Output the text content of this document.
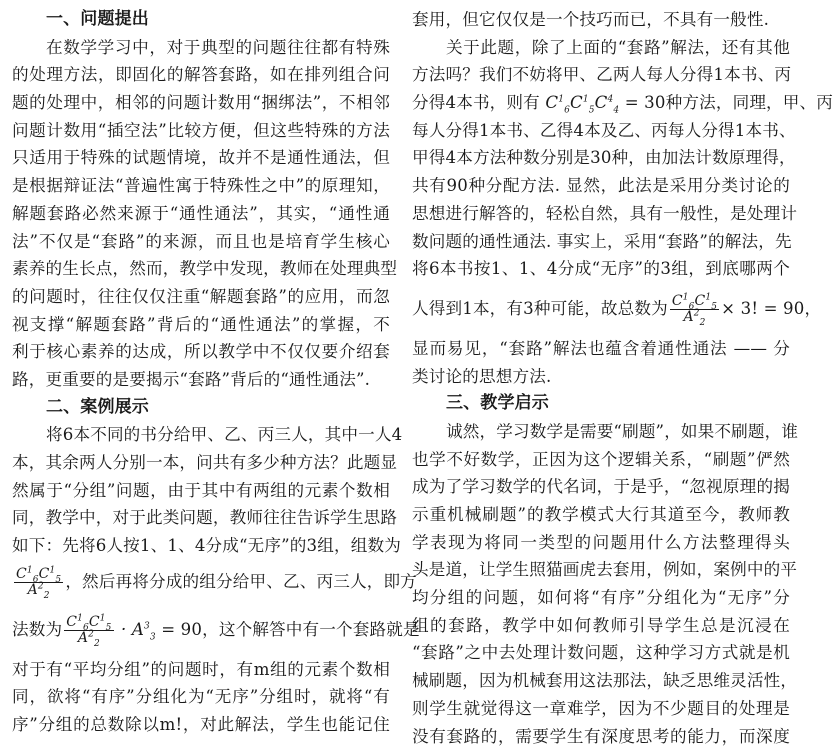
一、问题提出
在数学学习中，对于典型的问题往往都有特殊
的处理方法，即固化的解答套路，如在排列组合问
题的处理中，相邻的问题计数用“捆绑法”，不相邻
问题计数用“插空法”比较方便，但这些特殊的方法
只适用于特殊的试题情境，故并不是通性通法，但
是根据辩证法“普遍性寓于特殊性之中”的原理知，
解题套路必然来源于“通性通法”，其实，“通性通
法”不仅是“套路”的来源，而且也是培育学生核心
素养的生长点，然而，教学中发现，教师在处理典型
的问题时，往往仅仅注重“解题套路”的应用，而忽
视支撑“解题套路”背后的“通性通法”的掌握，不
利于核心素养的达成，所以教学中不仅仅要介绍套
路，更重要的是要揭示“套路”背后的“通性通法”.
二、案例展示
将6本不同的书分给甲、乙、丙三人，其中一人4
本，其余两人分别一本，问共有多少种方法？此题显
然属于“分组”问题，由于其中有两组的元素个数相
同，教学中，对于此类问题，教师往往告诉学生思路
如下：先将6人按1、1、4分成“无序”的3组，组数为
$\frac{C^1_6C^1_5}{A^2_2}$ ，然后再将分成的组分给甲、乙、丙三人，即方
法数为 $\frac{C^1_6C^1_5}{A^2_2} \cdot A^3_3 = 90$，这个解答中有一个套路就是
对于有“平均分组”的问题时，有m组的元素个数相
同，欲将“有序”分组化为“无序”分组时，就将“有
序”分组的总数除以m!，对此解法，学生也能记住
套用，但它仅仅是一个技巧而已，不具有一般性.
关于此题，除了上面的“套路”解法，还有其他
方法吗？我们不妨将甲、乙两人每人分得1本书、丙
分得4本书，则有 $C^1_6C^1_5C^4_4 = 30$种方法，同理，甲、丙
每人分得1本书、乙得4本及乙、丙每人分得1本书、
甲得4本方法种数分别是30种，由加法计数原理得，
共有90种分配方法. 显然，此法是采用分类讨论的
思想进行解答的，轻松自然，具有一般性，是处理计
数问题的通性通法. 事实上，采用“套路”的解法，先
将6本书按1、1、4分成“无序”的3组，到底哪两个
人得到1本，有3种可能，故总数为 $\frac{C^1_6C^1_5}{A^2_2} \times 3$! = 90，
显而易见，“套路”解法也蕴含着通性通法 —— 分
类讨论的思想方法.
三、教学启示
诚然，学习数学是需要“刷题”，如果不刷题，谁
也学不好数学，正因为这个逻辑关系，“刷题”俨然
成为了学习数学的代名词，于是乎，“忽视原理的揭
示重机械刷题”的教学模式大行其道至今，教师教
学表现为将同一类型的问题用什么方法整理得头
头是道，让学生照猫画虎去套用，例如，案例中的平
均分组的问题，如何将“有序”分组化为“无序”分
组的套路，教学中如何教师引导学生总是沉浸在
“套路”之中去处理计数问题，这种学习方式就是机
械刷题，因为机械套用这法那法，缺乏思维灵活性，
则学生就觉得这一章难学，因为不少题目的处理是
没有套路的，需要学生有深度思考的能力，而深度
